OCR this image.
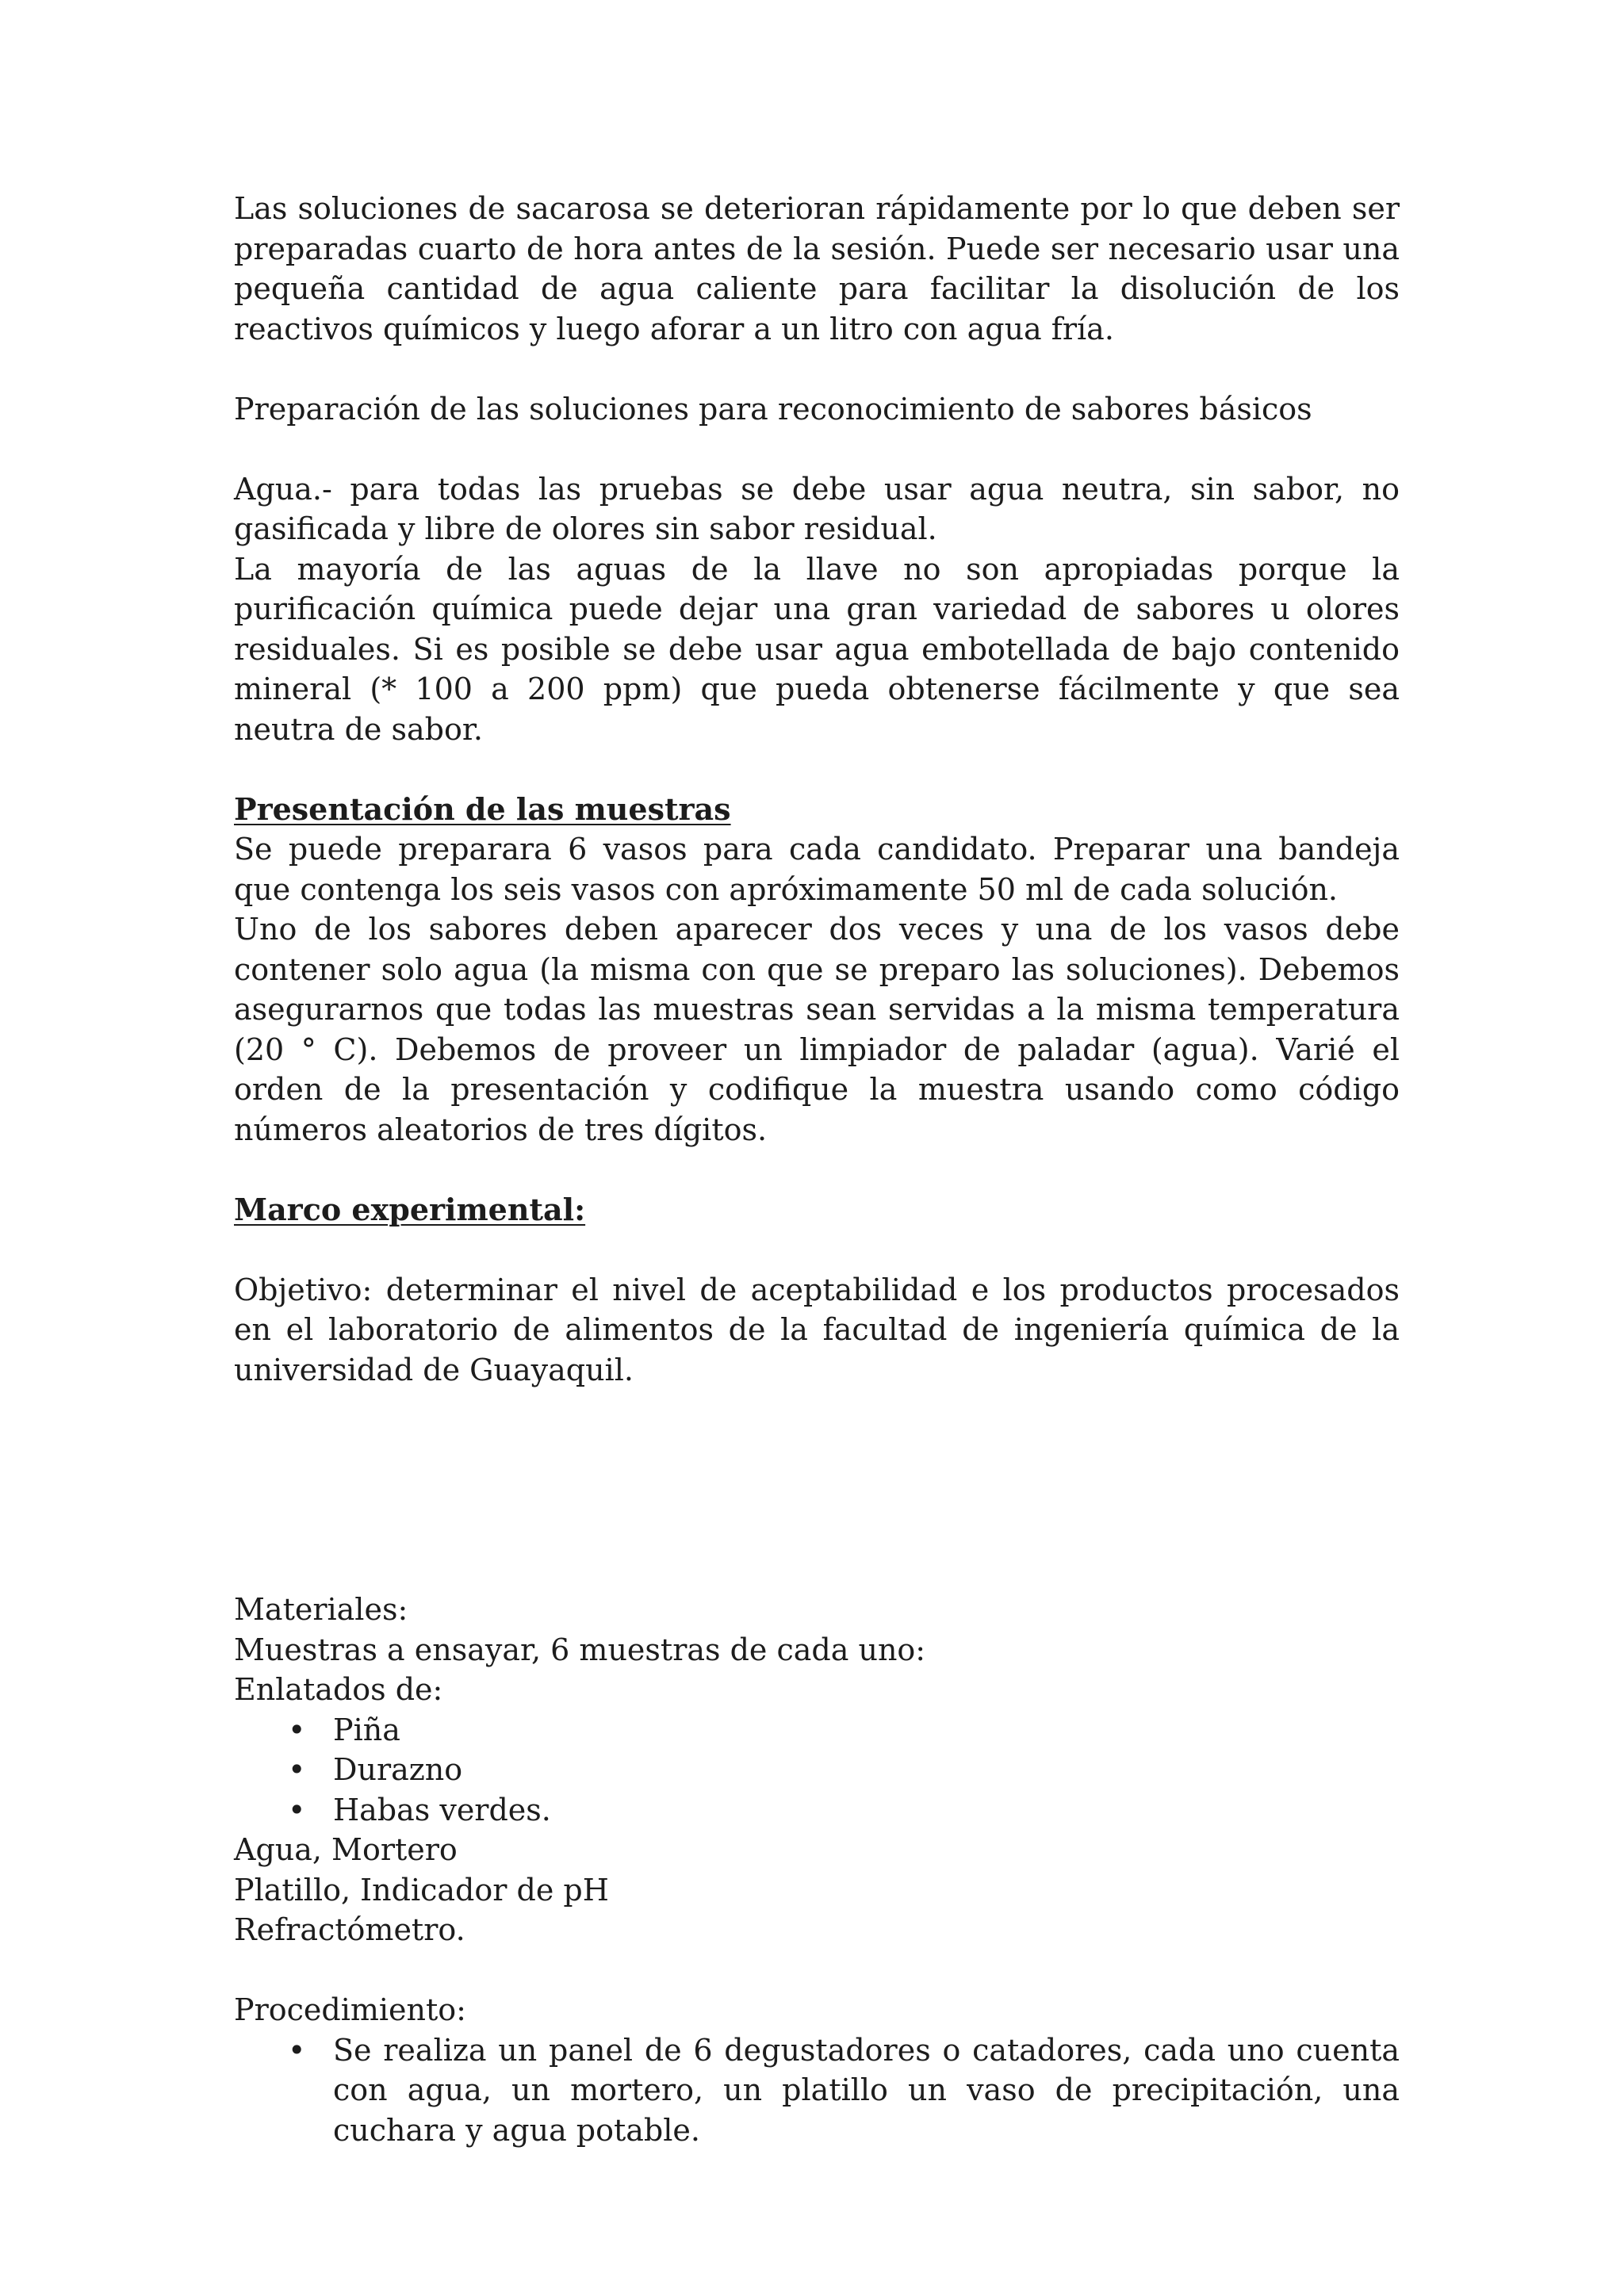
Las soluciones de sacarosa se deterioran rápidamente por lo que deben ser preparadas cuarto de hora antes de la sesión. Puede ser necesario usar una pequeña cantidad de agua caliente para facilitar la disolución de los reactivos químicos y luego aforar a un litro con agua fría.

Preparación de las soluciones para reconocimiento de sabores básicos

Agua.- para todas las pruebas se debe usar agua neutra, sin sabor, no gasificada y libre de olores sin sabor residual.

La mayoría de las aguas de la llave no son apropiadas porque la purificación química puede dejar una gran variedad de sabores u olores residuales. Si es posible se debe usar agua embotellada de bajo contenido mineral (* 100 a 200 ppm) que pueda obtenerse fácilmente y que sea neutra de sabor.

Presentación de las muestras

Se puede preparara 6 vasos para cada candidato. Preparar una bandeja que contenga los seis vasos con apróximamente 50 ml de cada solución.

Uno de los sabores deben aparecer dos veces y una de los vasos debe contener solo agua (la misma con que se preparo las soluciones). Debemos asegurarnos que todas las muestras sean servidas a la misma temperatura (20 ° C). Debemos de proveer un limpiador de paladar (agua). Varié el orden de la presentación y codifique la muestra usando como código números aleatorios de tres dígitos.

Marco experimental:

Objetivo: determinar el nivel de aceptabilidad e los productos procesados en el laboratorio de alimentos de la facultad de ingeniería química de la universidad de Guayaquil.

Materiales:

Muestras a ensayar, 6 muestras de cada uno:

Enlatados de:

• Piña
• Durazno
• Habas verdes.

Agua, Mortero

Platillo, Indicador de pH

Refractómetro.

Procedimiento:

• Se realiza un panel de 6 degustadores o catadores, cada uno cuenta con agua, un mortero, un platillo un vaso de precipitación, una cuchara y agua potable.
